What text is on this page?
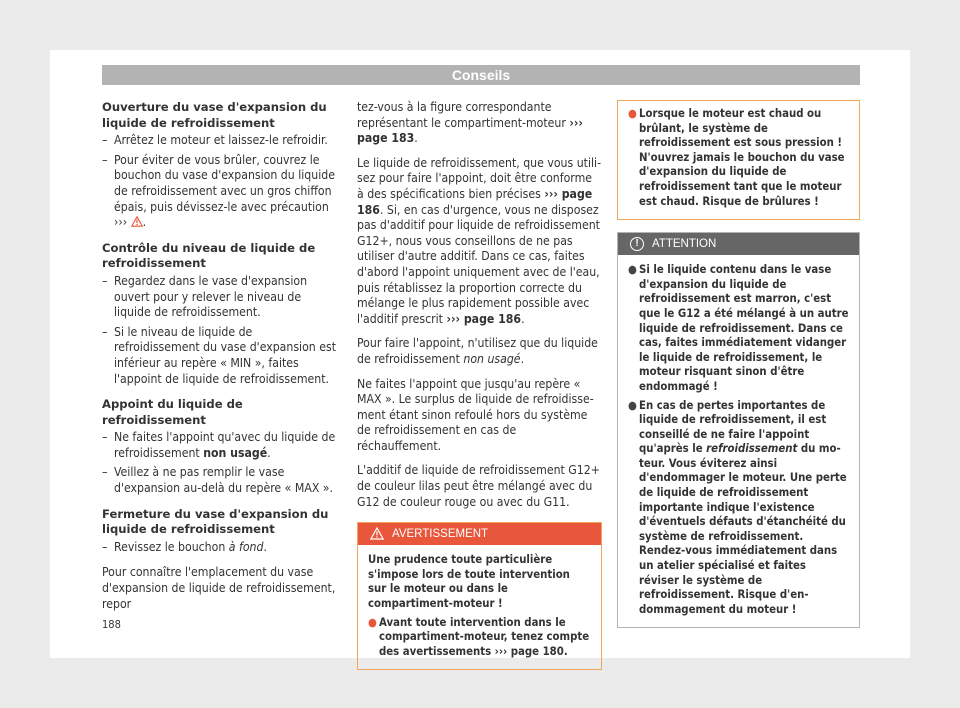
Conseils
Ouverture du vase d'expansion du liquide de refroidissement
– Arrêtez le moteur et laissez-le refroidir.
– Pour éviter de vous brûler, couvrez le bouchon du vase d'expansion du liquide de refroidissement avec un gros chiffon épais, puis dévissez-le avec précaution ››› .
Contrôle du niveau de liquide de refroidissement
– Regardez dans le vase d'expansion ouvert pour y relever le niveau de liquide de refroidissement.
– Si le niveau de liquide de refroidissement du vase d'expansion est inférieur au repère « MIN », faites l'appoint de liquide de refroidissement.
Appoint du liquide de refroidissement
– Ne faites l'appoint qu'avec du liquide de refroidissement non usagé.
– Veillez à ne pas remplir le vase d'expansion au-delà du repère « MAX ».
Fermeture du vase d'expansion du liquide de refroidissement
– Revissez le bouchon à fond.
Pour connaître l'emplacement du vase d'expansion de liquide de refroidissement, repor
tez-vous à la figure correspondante représentant le compartiment-moteur ››› page 183.
Le liquide de refroidissement, que vous utilisez pour faire l'appoint, doit être conforme à des spécifications bien précises ››› page 186. Si, en cas d'urgence, vous ne disposez pas d'additif pour liquide de refroidissement G12+, nous vous conseillons de ne pas utiliser d'autre additif. Dans ce cas, faites d'abord l'appoint uniquement avec de l'eau, puis rétablissez la proportion correcte du mélange le plus rapidement possible avec l'additif prescrit ››› page 186.
Pour faire l'appoint, n'utilisez que du liquide de refroidissement non usagé.
Ne faites l'appoint que jusqu'au repère « MAX ». Le surplus de liquide de refroidissement étant sinon refoulé hors du système de refroidissement en cas de réchauffement.
L'additif de liquide de refroidissement G12+ de couleur lilas peut être mélangé avec du G12 de couleur rouge ou avec du G11.
AVERTISSEMENT
Une prudence toute particulière s'impose lors de toute intervention sur le moteur ou dans le compartiment-moteur !
● Avant toute intervention dans le compartiment-moteur, tenez compte des avertissements ››› page 180.
● Lorsque le moteur est chaud ou brûlant, le système de refroidissement est sous pression ! N'ouvrez jamais le bouchon du vase d'expansion du liquide de refroidissement tant que le moteur est chaud. Risque de brûlures !
!	ATTENTION
● Si le liquide contenu dans le vase d'expansion du liquide de refroidissement est marron, c'est que le G12 a été mélangé à un autre liquide de refroidissement. Dans ce cas, faites immédiatement vidanger le liquide de refroidissement, le moteur risquant sinon d'être endommagé !
● En cas de pertes importantes de liquide de refroidissement, il est conseillé de ne faire l'appoint qu'après le refroidissement du moteur. Vous éviterez ainsi d'endommager le moteur. Une perte de liquide de refroidissement importante indique l'existence d'éventuels défauts d'étanchéité du système de refroidissement. Rendez-vous immédiatement dans un atelier spécialisé et faites réviser le système de refroidissement. Risque d'endommagement du moteur !
188
